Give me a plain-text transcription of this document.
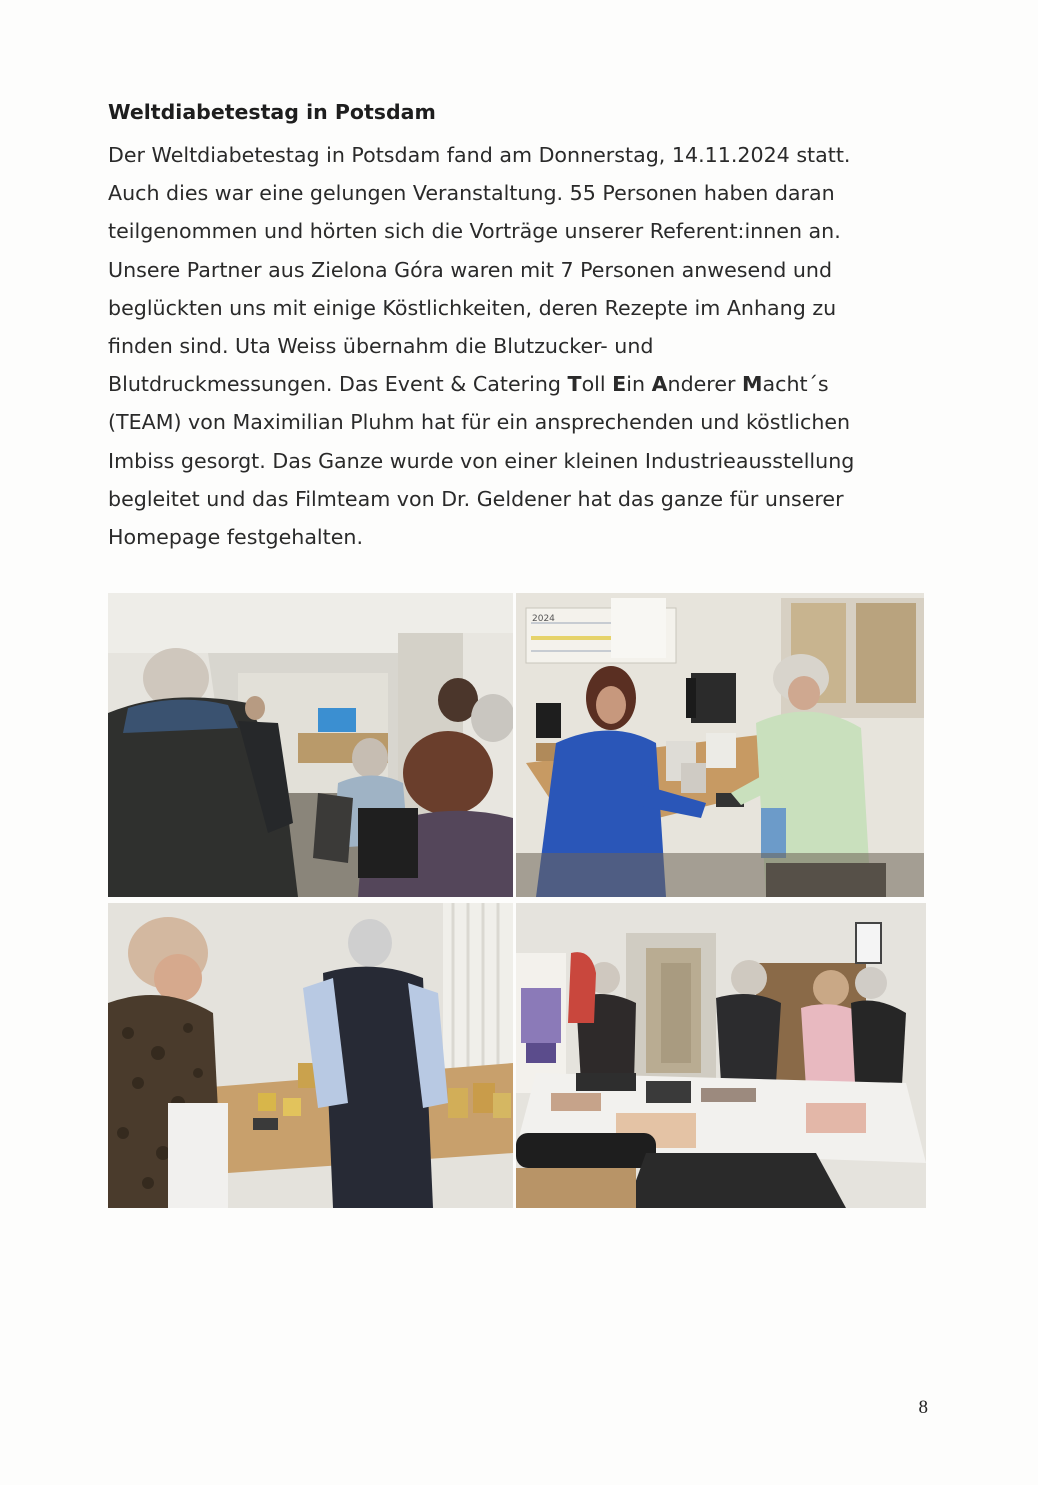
Weltdiabetestag in Potsdam
Der Weltdiabetestag in Potsdam fand am Donnerstag, 14.11.2024 statt.
Auch dies war eine gelungen Veranstaltung. 55 Personen haben daran
teilgenommen und hörten sich die Vorträge unserer Referent:innen an.
Unsere Partner aus Zielona Góra waren mit 7 Personen anwesend und
beglückten uns mit einige Köstlichkeiten, deren Rezepte im Anhang zu
finden sind. Uta Weiss übernahm die Blutzucker- und
Blutdruckmessungen. Das Event & Catering Toll Ein Anderer Macht´s
(TEAM) von Maximilian Pluhm hat für ein ansprechenden und köstlichen
Imbiss gesorgt. Das Ganze wurde von einer kleinen Industrieausstellung
begleitet und das Filmteam von Dr. Geldener hat das ganze für unserer
Homepage festgehalten.
2024
8
